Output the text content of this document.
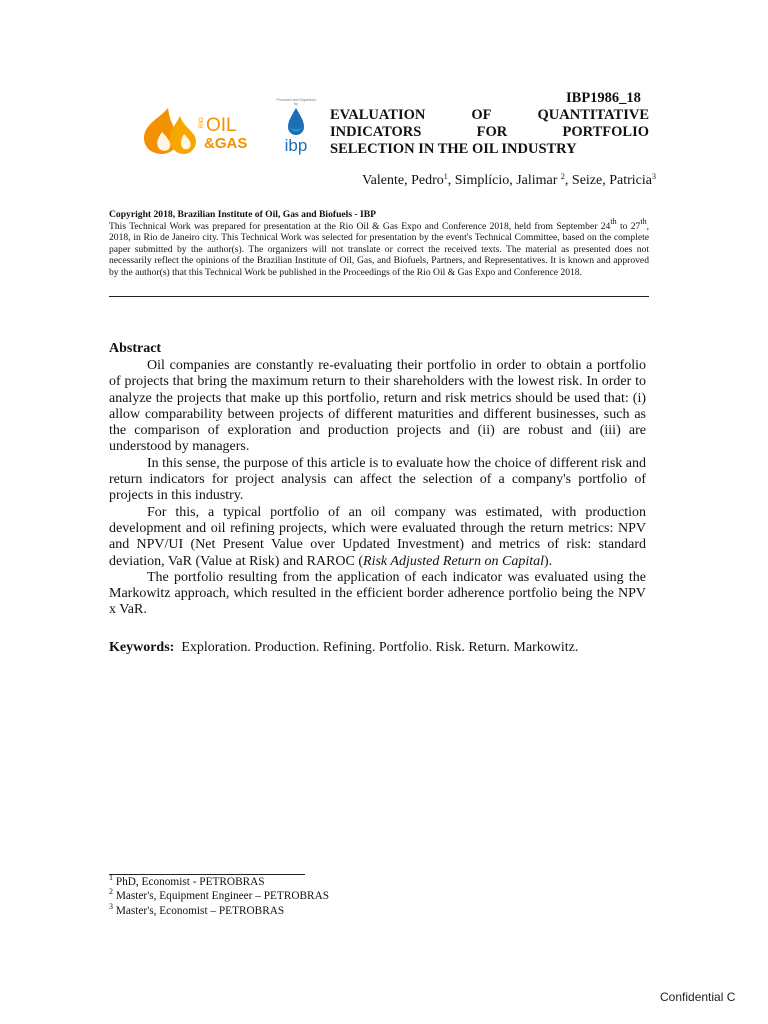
RIO OIL
&GAS
Promoted and Organized by
ibp
IBP1986_18
EVALUATION	OF	QUANTITATIVE
INDICATORS	FOR	PORTFOLIO
SELECTION IN THE OIL INDUSTRY
Valente, Pedro$^1$, Simplício, Jalimar $^2$, Seize, Patricia$^3$
Copyright 2018, Brazilian Institute of Oil, Gas and Biofuels - IBP
This Technical Work was prepared for presentation at the Rio Oil & Gas Expo and Conference 2018, held from September 24th to 27th, 2018, in Rio de Janeiro city. This Technical Work was selected for presentation by the event's Technical Committee, based on the complete paper submitted by the author(s). The organizers will not translate or correct the received texts. The material as presented does not necessarily reflect the opinions of the Brazilian Institute of Oil, Gas, and Biofuels, Partners, and Representatives. It is known and approved by the author(s) that this Technical Work be published in the Proceedings of the Rio Oil & Gas Expo and Conference 2018.
Abstract

Oil companies are constantly re-evaluating their portfolio in order to obtain a portfolio of projects that bring the maximum return to their shareholders with the lowest risk. In order to analyze the projects that make up this portfolio, return and risk metrics should be used that: (i) allow comparability between projects of different maturities and different businesses, such as the comparison of exploration and production projects and (ii) are robust and (iii) are understood by managers.

In this sense, the purpose of this article is to evaluate how the choice of different risk and return indicators for project analysis can affect the selection of a company's portfolio of projects in this industry.

For this, a typical portfolio of an oil company was estimated, with production development and oil refining projects, which were evaluated through the return metrics: NPV and NPV/UI (Net Present Value over Updated Investment) and metrics of risk: standard deviation, VaR (Value at Risk) and RAROC (Risk Adjusted Return on Capital).

The portfolio resulting from the application of each indicator was evaluated using the Markowitz approach, which resulted in the efficient border adherence portfolio being the NPV x VaR.

Keywords: Exploration. Production. Refining. Portfolio. Risk. Return. Markowitz.
$^1$ PhD, Economist - PETROBRAS
$^2$ Master's, Equipment Engineer – PETROBRAS
$^3$ Master's, Economist – PETROBRAS
Confidential C
